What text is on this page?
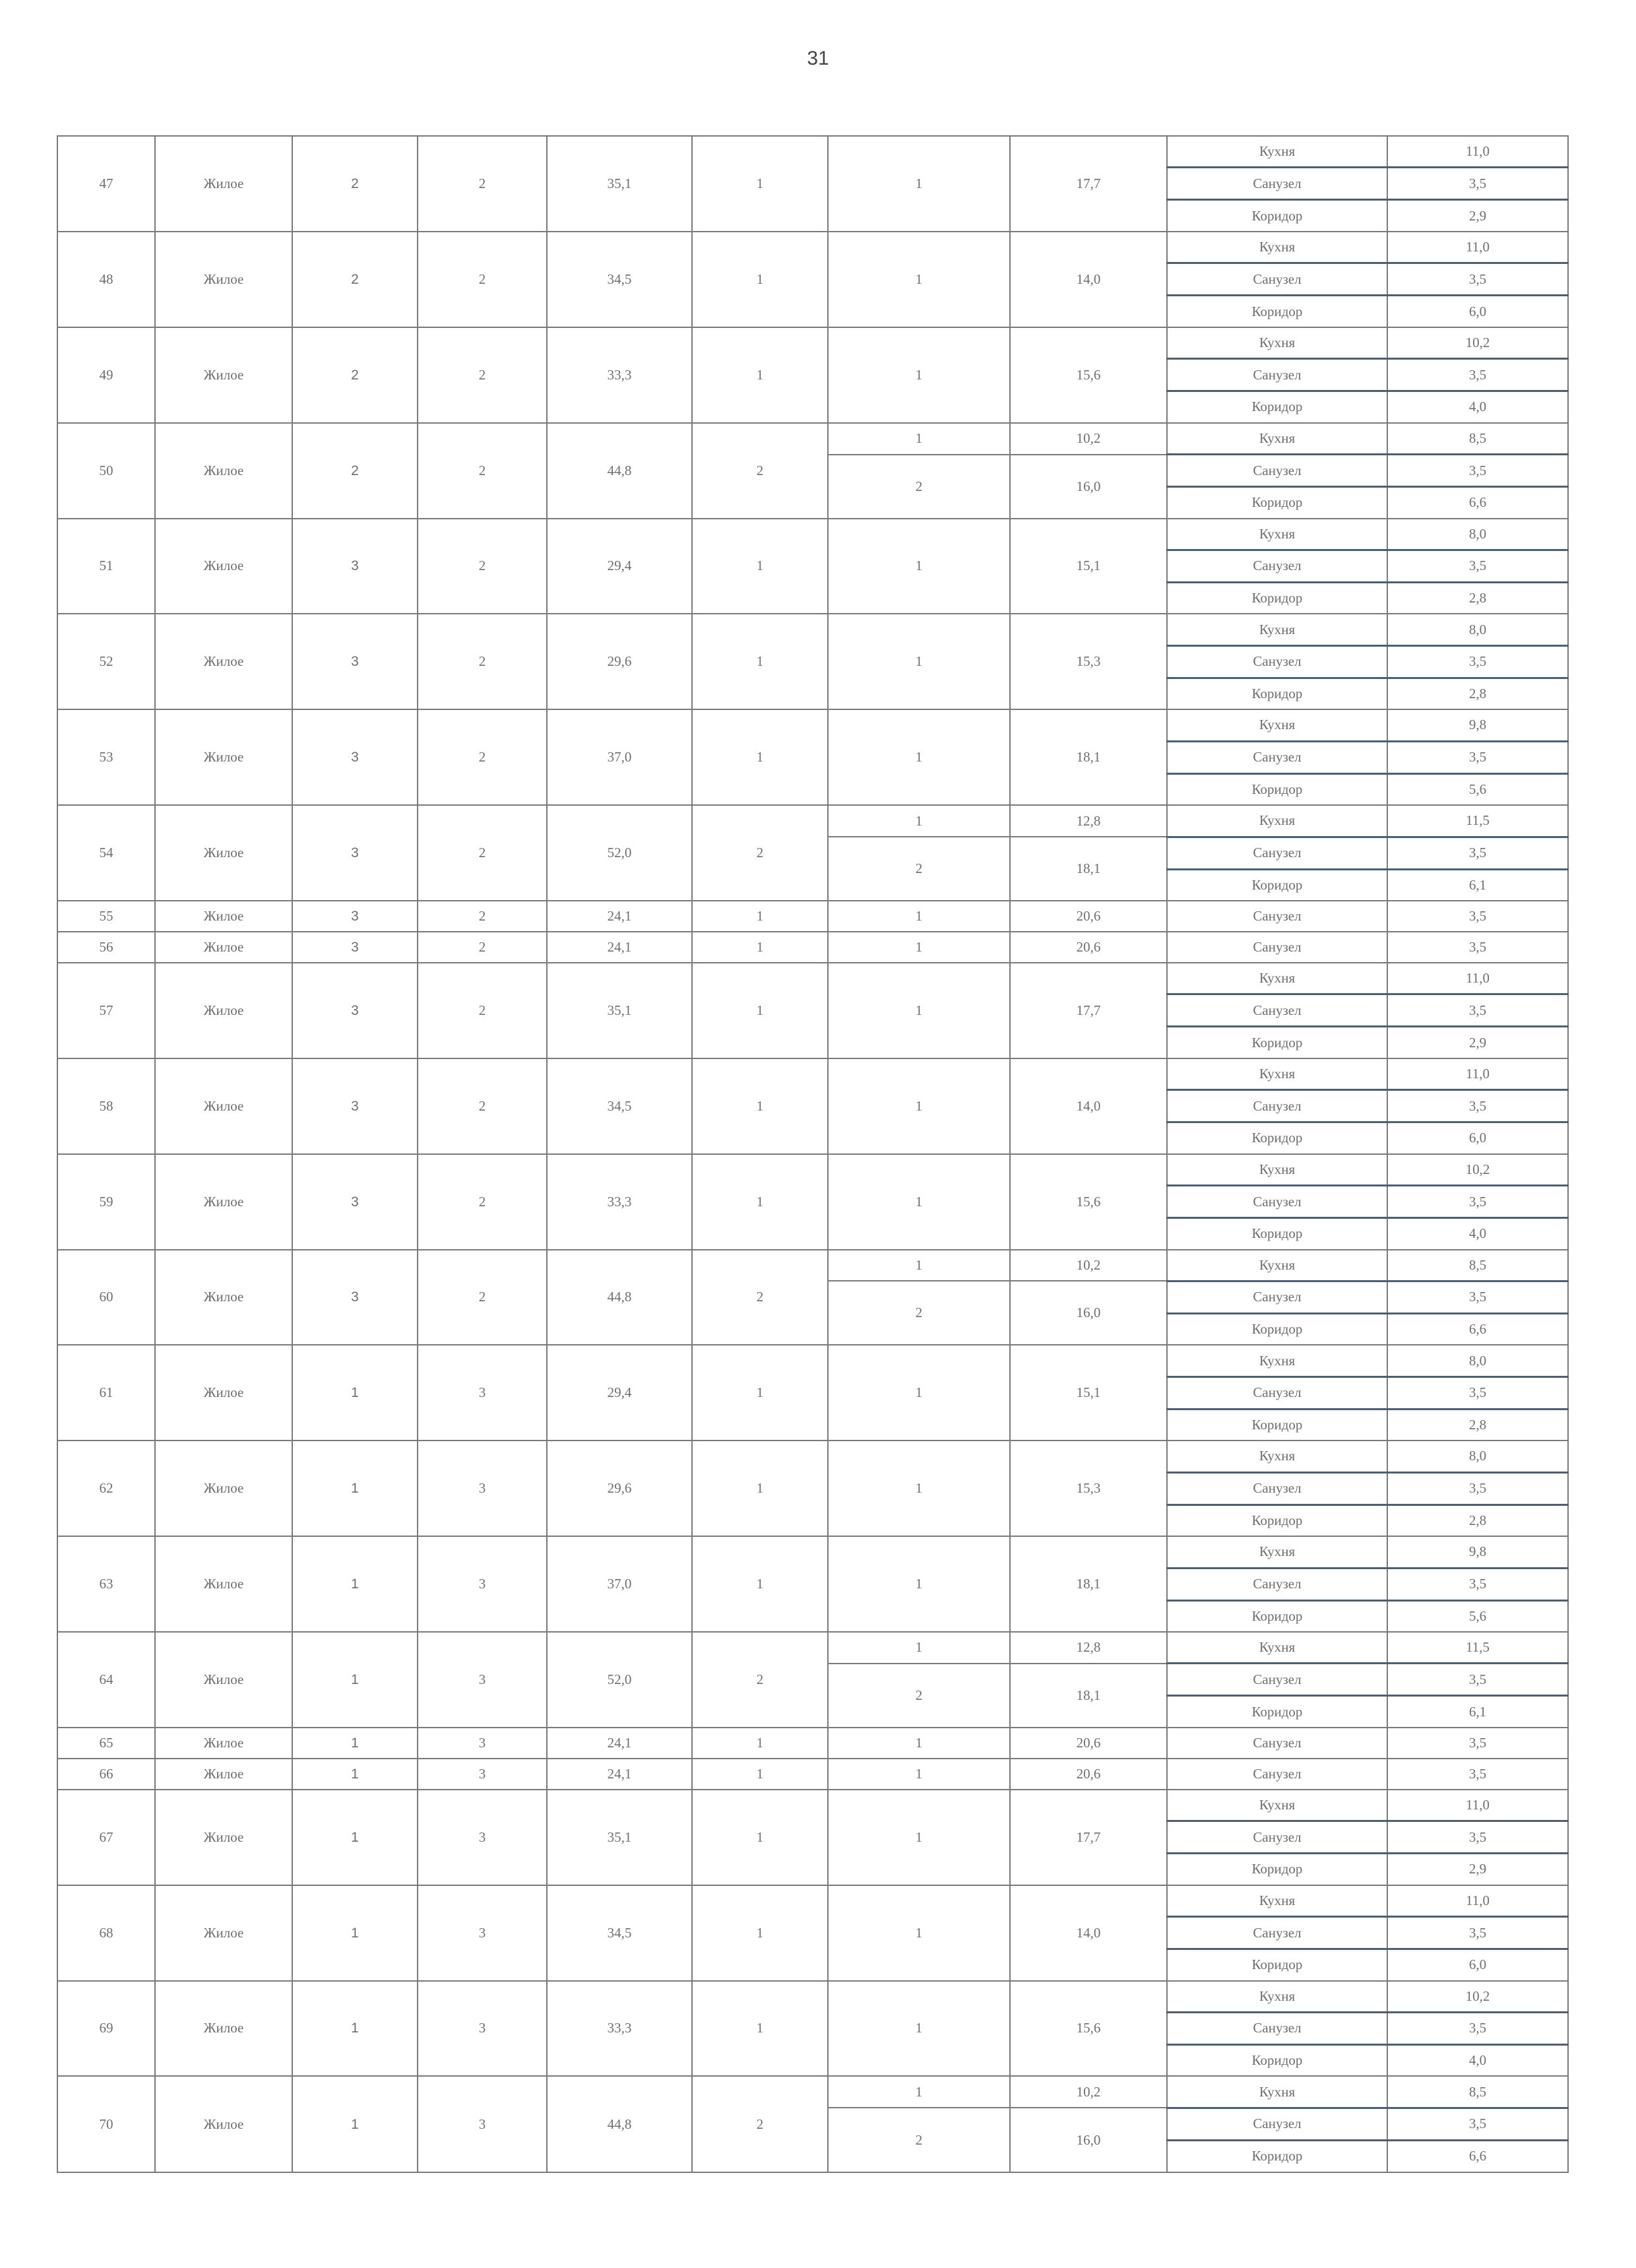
31
47	Жилое	2	2	35,1	1	1	17,7	Кухня	11,0
								Санузел	3,5
								Коридор	2,9
48	Жилое	2	2	34,5	1	1	14,0	Кухня	11,0
								Санузел	3,5
								Коридор	6,0
49	Жилое	2	2	33,3	1	1	15,6	Кухня	10,2
								Санузел	3,5
								Коридор	4,0
50	Жилое	2	2	44,8	2	1	10,2	Кухня	8,5
						2	16,0	Санузел	3,5
								Коридор	6,6
51	Жилое	3	2	29,4	1	1	15,1	Кухня	8,0
								Санузел	3,5
								Коридор	2,8
52	Жилое	3	2	29,6	1	1	15,3	Кухня	8,0
								Санузел	3,5
								Коридор	2,8
53	Жилое	3	2	37,0	1	1	18,1	Кухня	9,8
								Санузел	3,5
								Коридор	5,6
54	Жилое	3	2	52,0	2	1	12,8	Кухня	11,5
						2	18,1	Санузел	3,5
								Коридор	6,1
55	Жилое	3	2	24,1	1	1	20,6	Санузел	3,5
56	Жилое	3	2	24,1	1	1	20,6	Санузел	3,5
57	Жилое	3	2	35,1	1	1	17,7	Кухня	11,0
								Санузел	3,5
								Коридор	2,9
58	Жилое	3	2	34,5	1	1	14,0	Кухня	11,0
								Санузел	3,5
								Коридор	6,0
59	Жилое	3	2	33,3	1	1	15,6	Кухня	10,2
								Санузел	3,5
								Коридор	4,0
60	Жилое	3	2	44,8	2	1	10,2	Кухня	8,5
						2	16,0	Санузел	3,5
								Коридор	6,6
61	Жилое	1	3	29,4	1	1	15,1	Кухня	8,0
								Санузел	3,5
								Коридор	2,8
62	Жилое	1	3	29,6	1	1	15,3	Кухня	8,0
								Санузел	3,5
								Коридор	2,8
63	Жилое	1	3	37,0	1	1	18,1	Кухня	9,8
								Санузел	3,5
								Коридор	5,6
64	Жилое	1	3	52,0	2	1	12,8	Кухня	11,5
						2	18,1	Санузел	3,5
								Коридор	6,1
65	Жилое	1	3	24,1	1	1	20,6	Санузел	3,5
66	Жилое	1	3	24,1	1	1	20,6	Санузел	3,5
67	Жилое	1	3	35,1	1	1	17,7	Кухня	11,0
								Санузел	3,5
								Коридор	2,9
68	Жилое	1	3	34,5	1	1	14,0	Кухня	11,0
								Санузел	3,5
								Коридор	6,0
69	Жилое	1	3	33,3	1	1	15,6	Кухня	10,2
								Санузел	3,5
								Коридор	4,0
70	Жилое	1	3	44,8	2	1	10,2	Кухня	8,5
						2	16,0	Санузел	3,5
								Коридор	6,6
